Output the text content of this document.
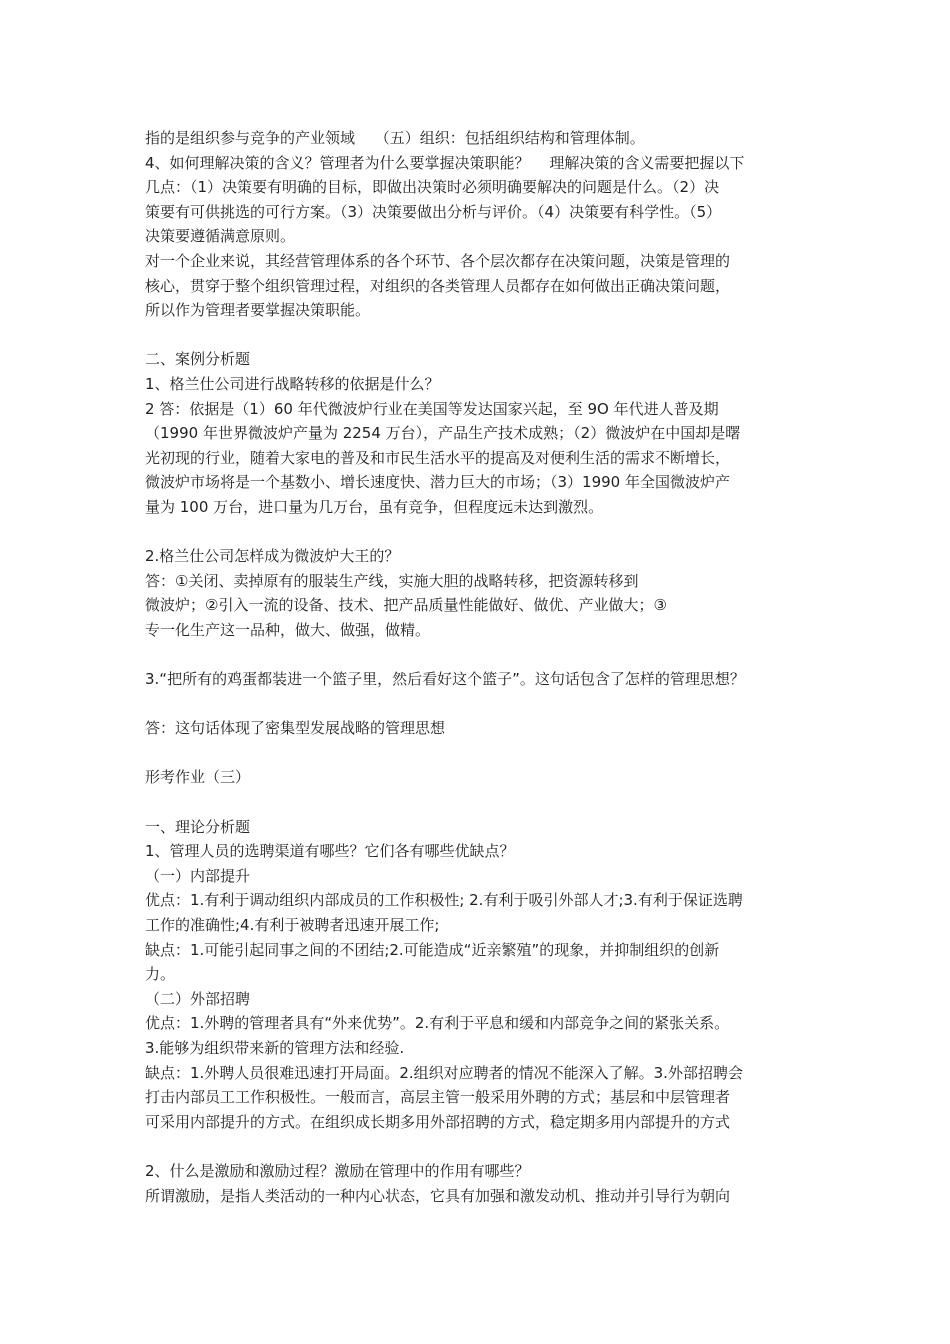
指的是组织参与竞争的产业领域　 （五）组织：包括组织结构和管理体制。
4、如何理解决策的含义？管理者为什么要掌握决策职能？　 理解决策的含义需要把握以下
几点：（1）决策要有明确的目标，即做出决策时必须明确要解决的问题是什么。（2）决
策要有可供挑选的可行方案。（3）决策要做出分析与评价。（4）决策要有科学性。（5）
决策要遵循满意原则。
对一个企业来说，其经营管理体系的各个环节、各个层次都存在决策问题，决策是管理的
核心，贯穿于整个组织管理过程，对组织的各类管理人员都存在如何做出正确决策问题，
所以作为管理者要掌握决策职能。
二、案例分析题
1、格兰仕公司进行战略转移的依据是什么？
2 答：依据是（1）60 年代微波炉行业在美国等发达国家兴起，至 9O 年代进人普及期
（1990 年世界微波炉产量为 2254 万台），产品生产技术成熟；（2）微波炉在中国却是曙
光初现的行业，随着大家电的普及和市民生活水平的提高及对便利生活的需求不断增长，
微波炉市场将是一个基数小、增长速度快、潜力巨大的市场；（3）1990 年全国微波炉产
量为 100 万台，进口量为几万台，虽有竞争，但程度远未达到激烈。
2.格兰仕公司怎样成为微波炉大王的？
答：①关闭、卖掉原有的服装生产线，实施大胆的战略转移，把资源转移到
微波炉；②引入一流的设备、技术、把产品质量性能做好、做优、产业做大；③
专一化生产这一品种，做大、做强，做精。
3.“把所有的鸡蛋都装进一个篮子里，然后看好这个篮子”。这句话包含了怎样的管理思想？
答：这句话体现了密集型发展战略的管理思想
形考作业（三）
一、理论分析题
1、管理人员的选聘渠道有哪些？它们各有哪些优缺点？
（一）内部提升
优点：1.有利于调动组织内部成员的工作积极性; 2.有利于吸引外部人才;3.有利于保证选聘
工作的准确性;4.有利于被聘者迅速开展工作;
缺点：1.可能引起同事之间的不团结;2.可能造成“近亲繁殖”的现象，并抑制组织的创新
力。
（二）外部招聘
优点：1.外聘的管理者具有“外来优势”。2.有利于平息和缓和内部竞争之间的紧张关系。
3.能够为组织带来新的管理方法和经验.
缺点：1.外聘人员很难迅速打开局面。2.组织对应聘者的情况不能深入了解。3.外部招聘会
打击内部员工工作积极性。一般而言，高层主管一般采用外聘的方式；基层和中层管理者
可采用内部提升的方式。在组织成长期多用外部招聘的方式，稳定期多用内部提升的方式
2、什么是激励和激励过程？激励在管理中的作用有哪些？
所谓激励，是指人类活动的一种内心状态，它具有加强和激发动机、推动并引导行为朝向
